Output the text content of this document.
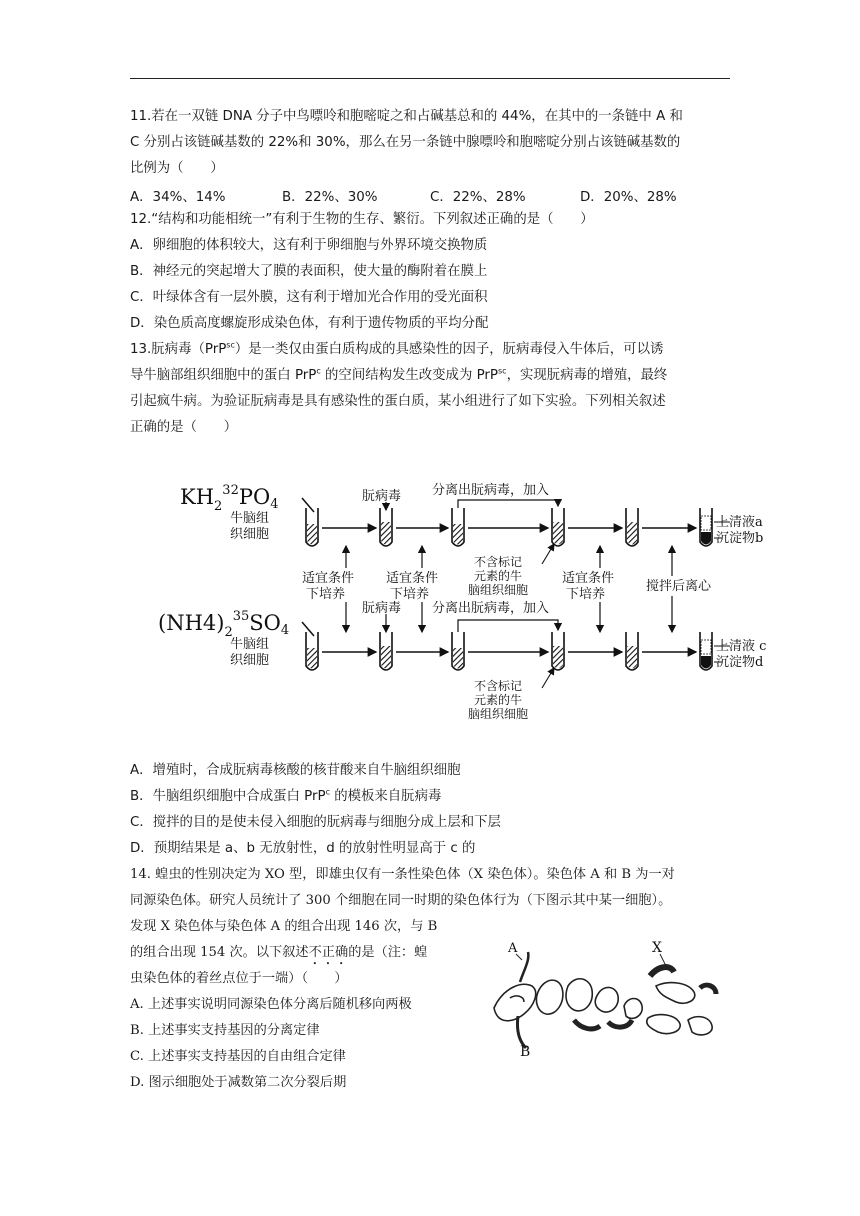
11.若在一双链 DNA 分子中鸟嘌呤和胞嘧啶之和占碱基总和的 44%，在其中的一条链中 A 和
C 分别占该链碱基数的 22%和 30%，那么在另一条链中腺嘌呤和胞嘧啶分别占该链碱基数的
比例为（　　）
A．34%、14%	B．22%、30%	C．22%、28%	D．20%、28%
12.“结构和功能相统一”有利于生物的生存、繁衍。下列叙述正确的是（　　）
A．卵细胞的体积较大，这有利于卵细胞与外界环境交换物质
B．神经元的突起增大了膜的表面积，使大量的酶附着在膜上
C．叶绿体含有一层外膜，这有利于增加光合作用的受光面积
D．染色质高度螺旋形成染色体，有利于遗传物质的平均分配
13.朊病毒（PrP$^{sc}$）是一类仅由蛋白质构成的具感染性的因子，朊病毒侵入牛体后，可以诱
导牛脑部组织细胞中的蛋白 PrP$^c$ 的空间结构发生改变成为 PrP$^{sc}$，实现朊病毒的增殖，最终
引起疯牛病。为验证朊病毒是具有感染性的蛋白质，某小组进行了如下实验。下列相关叙述
正确的是（　　）
$KH_2^{32}PO4$
$(NH4)_2^{35}SO4$
牛脑组
织细胞
牛脑组
织细胞
朊病毒
朊病毒
分离出朊病毒，加入
分离出朊病毒，加入
不含标记
元素的牛
脑组织细胞
不含标记
元素的牛
脑组织细胞
适宜条件
下培养
适宜条件
下培养
适宜条件
下培养
搅拌后离心
上清液a
沉淀物b
上清液 c
沉淀物d
A．增殖时，合成朊病毒核酸的核苷酸来自牛脑组织细胞
B．牛脑组织细胞中合成蛋白 PrP$^c$ 的模板来自朊病毒
C．搅拌的目的是使未侵入细胞的朊病毒与细胞分成上层和下层
D．预期结果是 a、b 无放射性，d 的放射性明显高于 c 的
14. 蝗虫的性别决定为 XO 型，即雄虫仅有一条性染色体（X 染色体）。染色体 A 和 B 为一对
同源染色体。研究人员统计了 300 个细胞在同一时期的染色体行为（下图示其中某一细胞）。
发现 X 染色体与染色体 A 的组合出现 146 次，与 B
的组合出现 154 次。以下叙述不正确的是（注：蝗
虫染色体的着丝点位于一端）（　　）
A. 上述事实说明同源染色体分离后随机移向两极
B. 上述事实支持基因的分离定律
C. 上述事实支持基因的自由组合定律
D. 图示细胞处于减数第二次分裂后期
A
B
X
